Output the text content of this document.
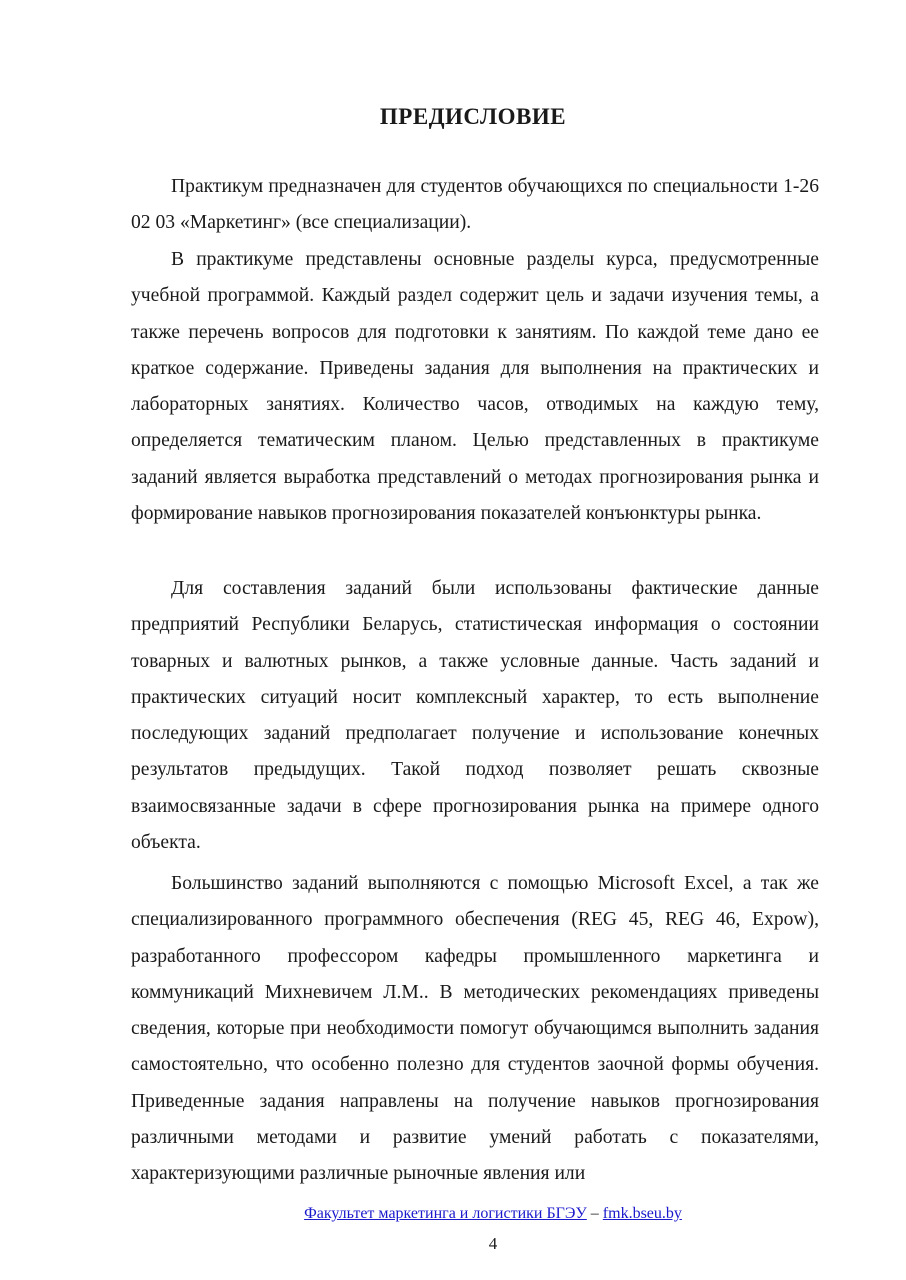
ПРЕДИСЛОВИЕ

Практикум предназначен для студентов обучающихся по специальности 1-26 02 03 «Маркетинг» (все специализации).

В практикуме представлены основные разделы курса, предусмотренные учебной программой. Каждый раздел содержит цель и задачи изучения темы, а также перечень вопросов для подготовки к занятиям. По каждой теме дано ее краткое содержание. Приведены задания для выполнения на практических и лабораторных занятиях. Количество часов, отводимых на каждую тему, определяется тематическим планом. Целью представленных в практикуме заданий является выработка представлений о методах прогнозирования рынка и формирование навыков прогнозирования показателей конъюнктуры рынка.

Для составления заданий были использованы фактические данные предприятий Республики Беларусь, статистическая информация о состоянии товарных и валютных рынков, а также условные данные. Часть заданий и практических ситуаций носит комплексный характер, то есть выполнение последующих заданий предполагает получение и использование конечных результатов предыдущих. Такой подход позволяет решать сквозные взаимосвязанные задачи в сфере прогнозирования рынка на примере одного объекта.

Большинство заданий выполняются с помощью Microsoft Excel, а так же специализированного программного обеспечения (REG 45, REG 46, Expow), разработанного профессором кафедры промышленного маркетинга и коммуникаций Михневичем Л.М.. В методических рекомендациях приведены сведения, которые при необходимости помогут обучающимся выполнить задания самостоятельно, что особенно полезно для студентов заочной формы обучения. Приведенные задания направлены на получение навыков прогнозирования различными методами и развитие умений работать с показателями, характеризующими различные рыночные явления или

Факультет маркетинга и логистики БГЭУ – fmk.bseu.by
4
